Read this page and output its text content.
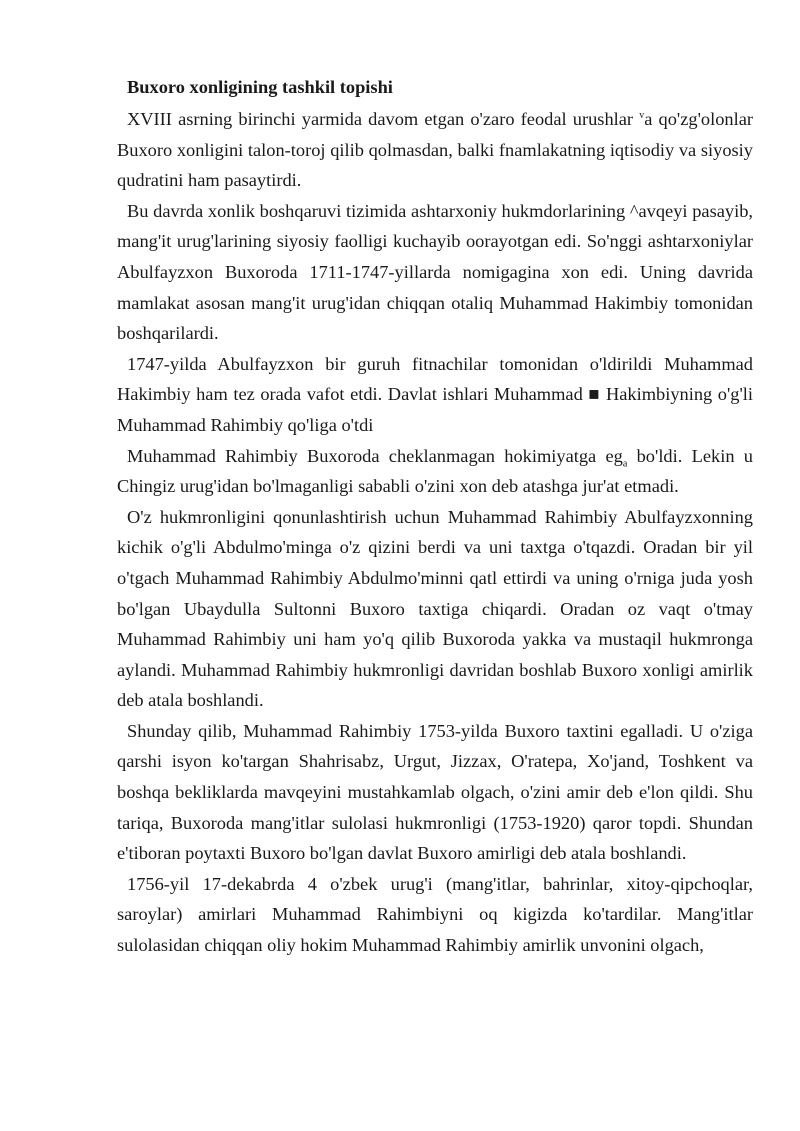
Buxoro xonligining tashkil topishi

XVIII asrning birinchi yarmida davom etgan o'zaro feodal urushlar $^v$a qo'zg'olonlar Buxoro xonligini talon-toroj qilib qolmasdan, balki fnamlakatning iqtisodiy va siyosiy qudratini ham pasaytirdi.

Bu davrda xonlik boshqaruvi tizimida ashtarxoniy hukmdorlarining ^avqeyi pasayib, mang'it urug'larining siyosiy faolligi kuchayib oorayotgan edi. So'nggi ashtarxoniylar Abulfayzxon Buxoroda 1711-1747-yillarda nomigagina xon edi. Uning davrida mamlakat asosan mang'it urug'idan chiqqan otaliq Muhammad Hakimbiy tomonidan boshqarilardi.

1747-yilda Abulfayzxon bir guruh fitnachilar tomonidan o'ldirildi Muhammad Hakimbiy ham tez orada vafot etdi. Davlat ishlari Muhammad ■ Hakimbiyning o'g'li Muhammad Rahimbiy qo'liga o'tdi

Muhammad Rahimbiy Buxoroda cheklanmagan hokimiyatga $eg_a$ bo'ldi. Lekin u Chingiz urug'idan bo'lmaganligi sababli o'zini xon deb atashga jur'at etmadi.

O'z hukmronligini qonunlashtirish uchun Muhammad Rahimbiy Abulfayzxonning kichik o'g'li Abdulmo'minga o'z qizini berdi va uni taxtga o'tqazdi. Oradan bir yil o'tgach Muhammad Rahimbiy Abdulmo'minni qatl ettirdi va uning o'rniga juda yosh bo'lgan Ubaydulla Sultonni Buxoro taxtiga chiqardi. Oradan oz vaqt o'tmay Muhammad Rahimbiy uni ham yo'q qilib Buxoroda yakka va mustaqil hukmronga aylandi. Muhammad Rahimbiy hukmronligi davridan boshlab Buxoro xonligi amirlik deb atala boshlandi.

Shunday qilib, Muhammad Rahimbiy 1753-yilda Buxoro taxtini egalladi. U o'ziga qarshi isyon ko'targan Shahrisabz, Urgut, Jizzax, O'ratepa, Xo'jand, Toshkent va boshqa bekliklarda mavqeyini mustahkamlab olgach, o'zini amir deb e'lon qildi. Shu tariqa, Buxoroda mang'itlar sulolasi hukmronligi (1753-1920) qaror topdi. Shundan e'tiboran poytaxti Buxoro bo'lgan davlat Buxoro amirligi deb atala boshlandi.

1756-yil 17-dekabrda 4 o'zbek urug'i (mang'itlar, bahrinlar, xitoy-qipchoqlar, saroylar) amirlari Muhammad Rahimbiyni oq kigizda ko'tardilar. Mang'itlar sulolasidan chiqqan oliy hokim Muhammad Rahimbiy amirlik unvonini olgach,
